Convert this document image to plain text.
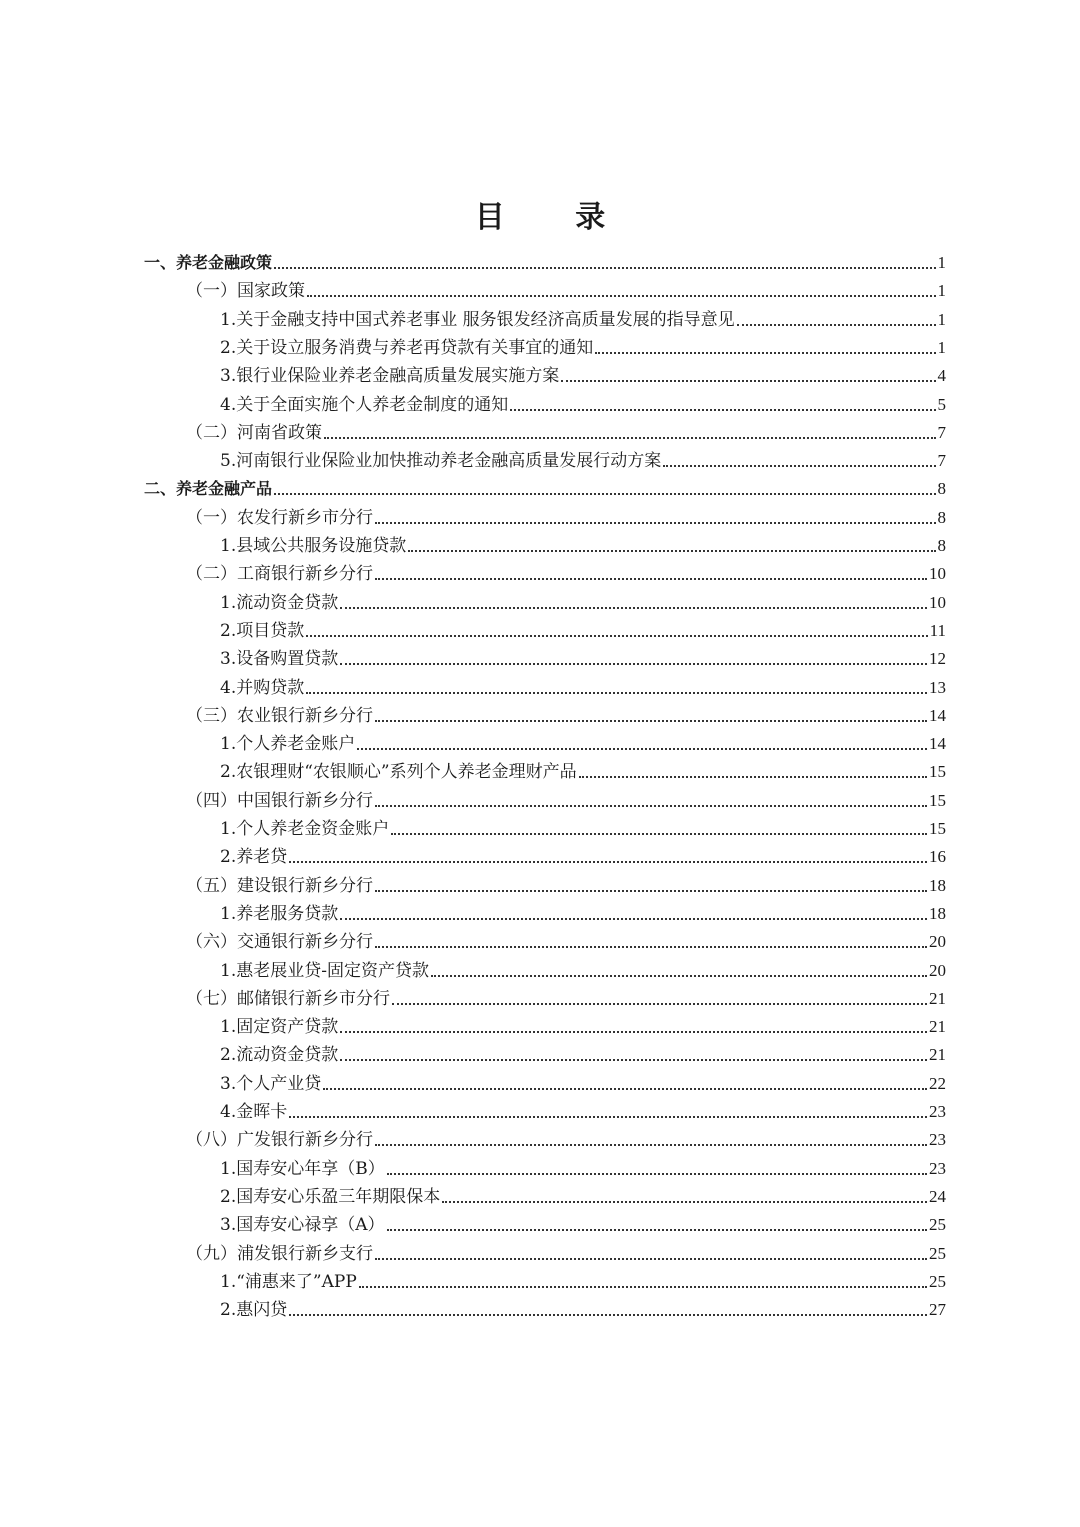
目 录
一、养老金融政策	1
（一）国家政策	1
1.关于金融支持中国式养老事业 服务银发经济高质量发展的指导意见	1
2.关于设立服务消费与养老再贷款有关事宜的通知	1
3.银行业保险业养老金融高质量发展实施方案	4
4.关于全面实施个人养老金制度的通知	5
（二）河南省政策	7
5.河南银行业保险业加快推动养老金融高质量发展行动方案	7
二、养老金融产品	8
（一）农发行新乡市分行	8
1.县域公共服务设施贷款	8
（二）工商银行新乡分行	10
1.流动资金贷款	10
2.项目贷款	11
3.设备购置贷款	12
4.并购贷款	13
（三）农业银行新乡分行	14
1.个人养老金账户	14
2.农银理财“农银顺心”系列个人养老金理财产品	15
（四）中国银行新乡分行	15
1.个人养老金资金账户	15
2.养老贷	16
（五）建设银行新乡分行	18
1.养老服务贷款	18
（六）交通银行新乡分行	20
1.惠老展业贷-固定资产贷款	20
（七）邮储银行新乡市分行	21
1.固定资产贷款	21
2.流动资金贷款	21
3.个人产业贷	22
4.金晖卡	23
（八）广发银行新乡分行	23
1.国寿安心年享（B）	23
2.国寿安心乐盈三年期限保本	24
3.国寿安心禄享（A）	25
（九）浦发银行新乡支行	25
1.“浦惠来了”APP	25
2.惠闪贷	27
